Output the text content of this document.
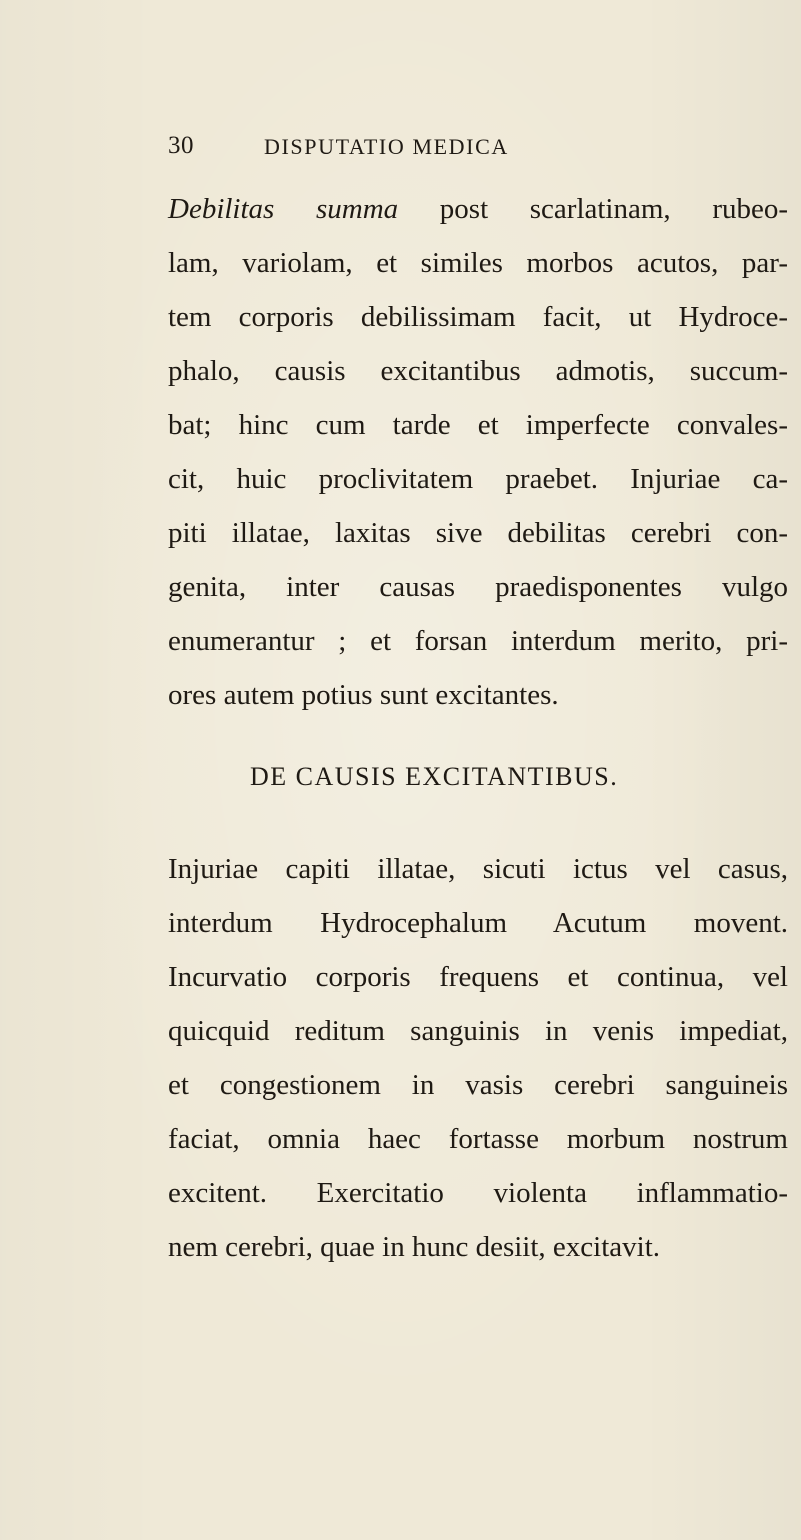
30	DISPUTATIO MEDICA
Debilitas summa post scarlatinam, rubeo-
lam, variolam, et similes morbos acutos, par-
tem corporis debilissimam facit, ut Hydroce-
phalo, causis excitantibus admotis, succum-
bat; hinc cum tarde et imperfecte convales-
cit, huic proclivitatem praebet. Injuriae ca-
piti illatae, laxitas sive debilitas cerebri con-
genita, inter causas praedisponentes vulgo
enumerantur ; et forsan interdum merito, pri-
ores autem potius sunt excitantes.
DE CAUSIS EXCITANTIBUS.
Injuriae capiti illatae, sicuti ictus vel casus,
interdum Hydrocephalum Acutum movent.
Incurvatio corporis frequens et continua, vel
quicquid reditum sanguinis in venis impediat,
et congestionem in vasis cerebri sanguineis
faciat, omnia haec fortasse morbum nostrum
excitent. Exercitatio violenta inflammatio-
nem cerebri, quae in hunc desiit, excitavit.
